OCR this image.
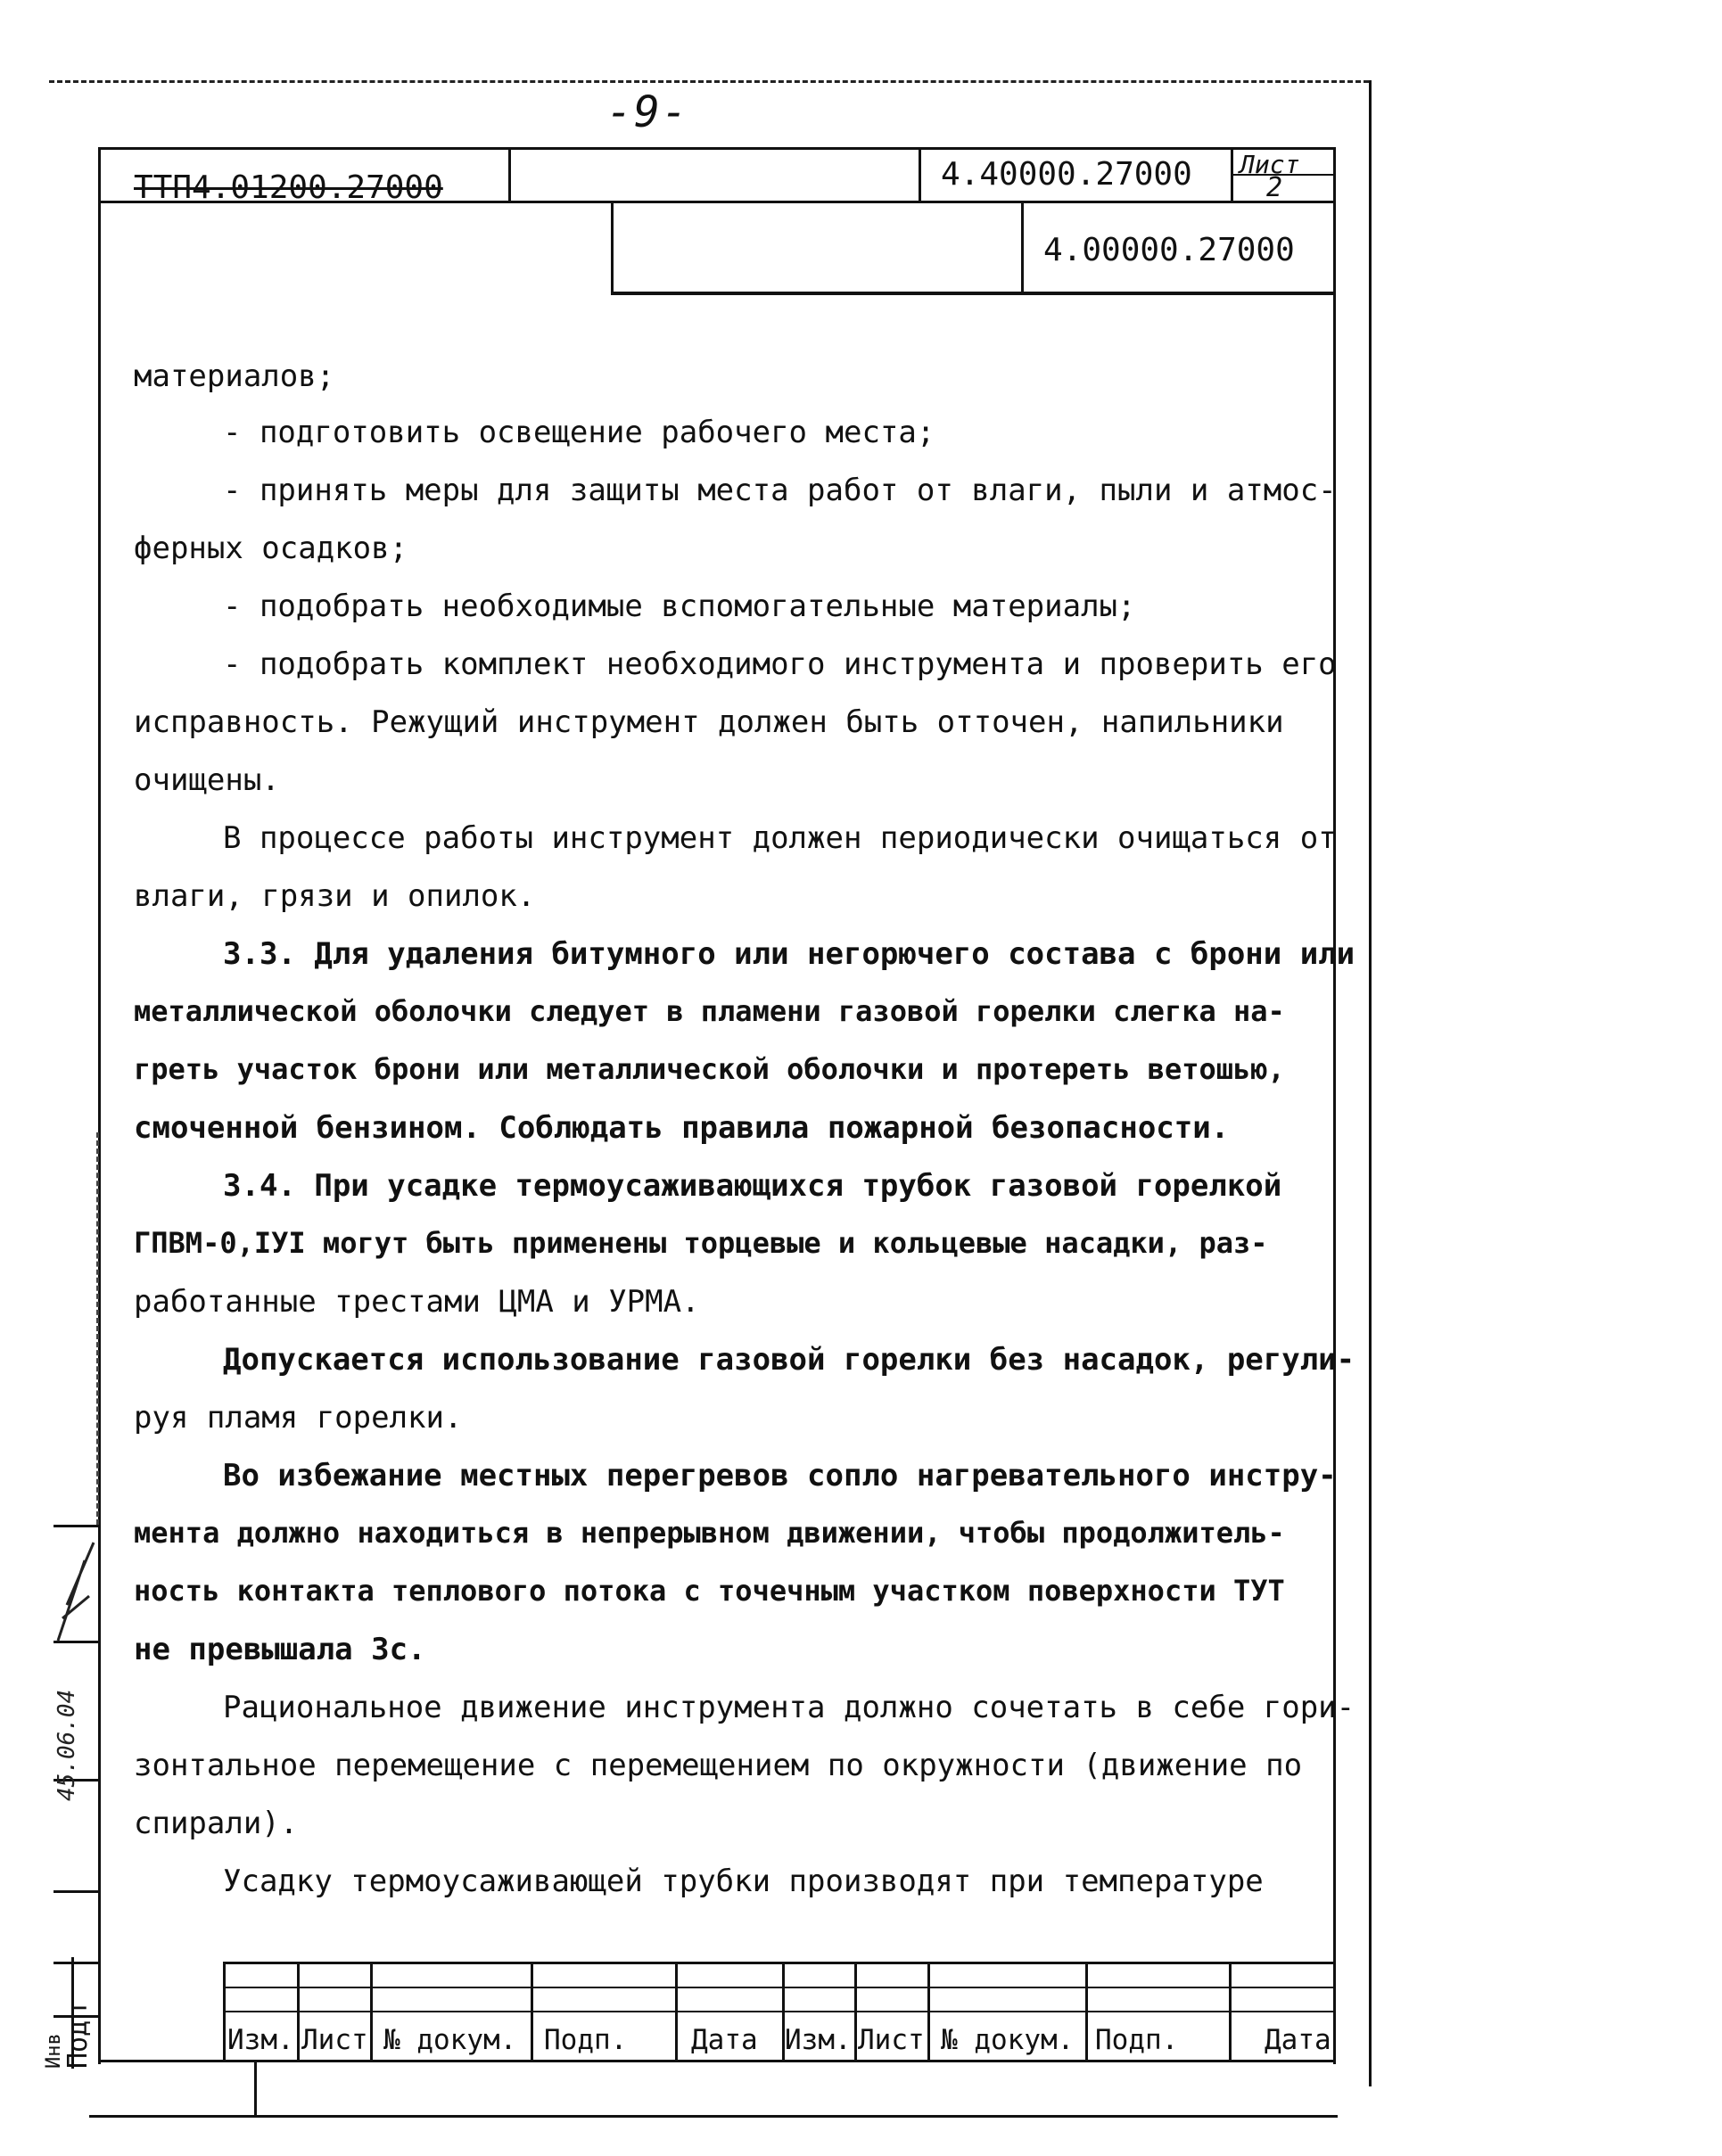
-9-
ТТП4.01200.27000	4.40000.27000 Лист
2
4.00000.27000
материалов;
- подготовить освещение рабочего места;
- принять меры для защиты места работ от влаги, пыли и атмос-
ферных осадков;
- подобрать необходимые вспомогательные материалы;
- подобрать комплект необходимого инструмента и проверить его
исправность. Режущий инструмент должен быть отточен, напильники
очищены.
В процессе работы инструмент должен периодически очищаться от
влаги, грязи и опилок.
3.3. Для удаления битумного или негорючего состава с брони или
металлической оболочки следует в пламени газовой горелки слегка на-
греть участок брони или металлической оболочки и протереть ветошью,
смоченной бензином. Соблюдать правила пожарной безопасности.
3.4. При усадке термоусаживающихся трубок газовой горелкой
ГПВМ-0,IУI могут быть применены торцевые и кольцевые насадки, раз-
работанные трестами ЦМА и УРМА.
Допускается использование газовой горелки без насадок, регули-
руя пламя горелки.
Во избежание местных перегревов сопло нагревательного инстру-
мента должно находиться в непрерывном движении, чтобы продолжитель-
ность контакта теплового потока с точечным участком поверхности ТУТ
не превышала 3с.
Рациональное движение инструмента должно сочетать в себе гори-
зонтальное перемещение с перемещением по окружности (движение по
спирали).
Усадку термоусаживающей трубки производят при температуре
Подп
Инв
45.06.04
Изм. Лист № докум. Подп. Дата Изм. Лист № докум. Подп.	Дата
